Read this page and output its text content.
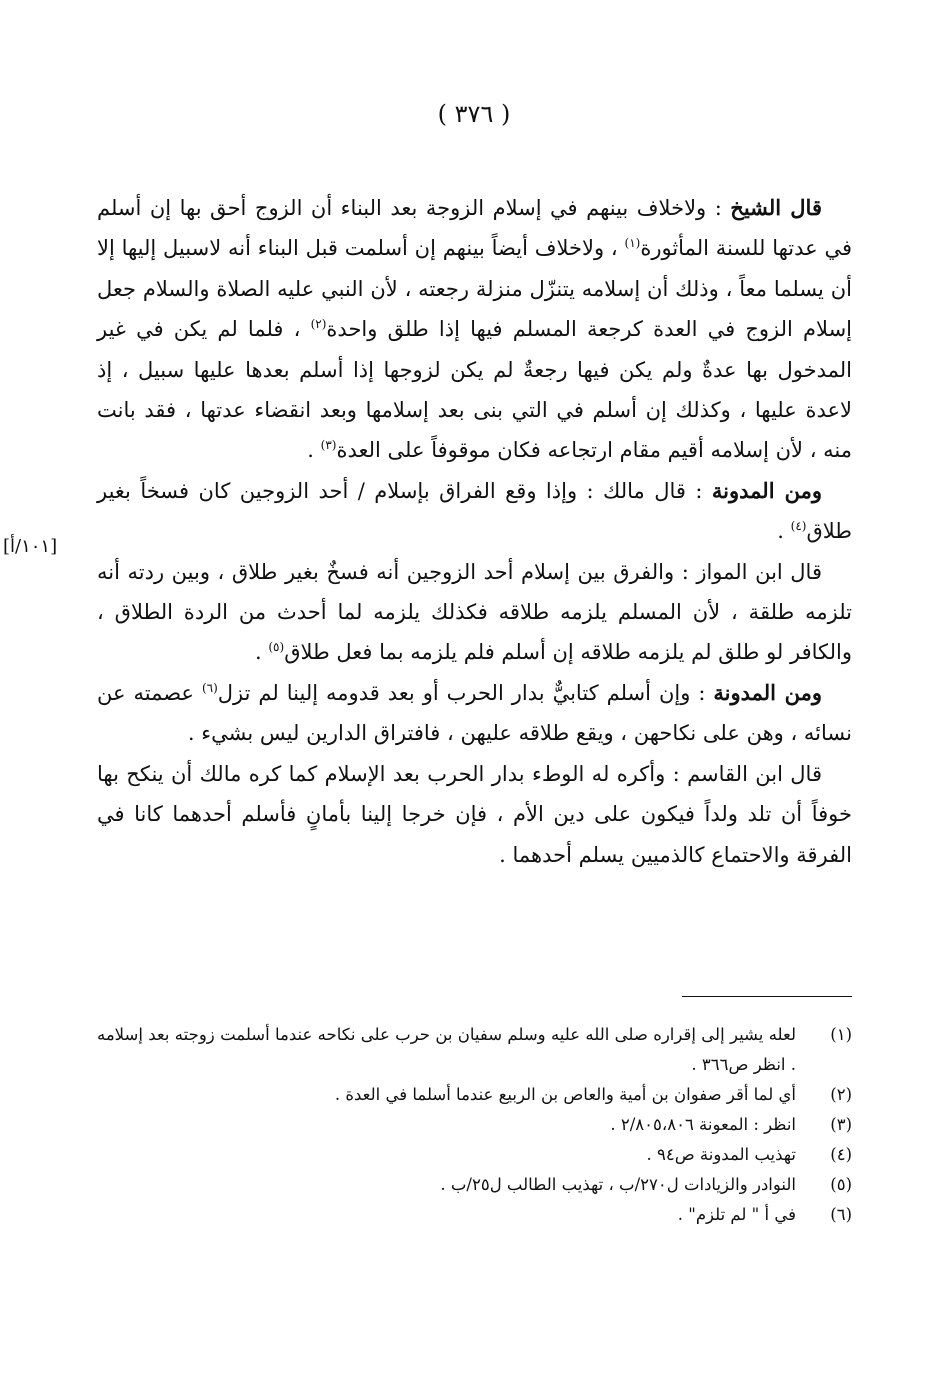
( ٣٧٦ )
[١٠١/أ]

قال الشيخ : ولاخلاف بينهم في إسلام الزوجة بعد البناء أن الزوج أحق بها إن أسلم في عدتها للسنة المأثورة$^{(١)}$ ، ولاخلاف أيضاً بينهم إن أسلمت قبل البناء أنه لاسبيل إليها إلا أن يسلما معاً ، وذلك أن إسلامه يتنزّل منزلة رجعته ، لأن النبي عليه الصلاة والسلام جعل إسلام الزوج في العدة كرجعة المسلم فيها إذا طلق واحدة$^{(٢)}$ ، فلما لم يكن في غير المدخول بها عدةٌ ولم يكن فيها رجعةٌ لم يكن لزوجها إذا أسلم بعدها عليها سبيل ، إذ لاعدة عليها ، وكذلك إن أسلم في التي بنى بعد إسلامها وبعد انقضاء عدتها ، فقد بانت منه ، لأن إسلامه أقيم مقام ارتجاعه فكان موقوفاً على العدة$^{(٣)}$ .

ومن المدونة : قال مالك : وإذا وقع الفراق بإسلام / أحد الزوجين كان فسخاً بغير طلاق$^{(٤)}$ .

قال ابن المواز : والفرق بين إسلام أحد الزوجين أنه فسخٌ بغير طلاق ، وبين ردته أنه تلزمه طلقة ، لأن المسلم يلزمه طلاقه فكذلك يلزمه لما أحدث من الردة الطلاق ، والكافر لو طلق لم يلزمه طلاقه إن أسلم فلم يلزمه بما فعل طلاق$^{(٥)}$ .

ومن المدونة : وإن أسلم كتابيٌّ بدار الحرب أو بعد قدومه إلينا لم تزل$^{(٦)}$ عصمته عن نسائه ، وهن على نكاحهن ، ويقع طلاقه عليهن ، فافتراق الدارين ليس بشيء .

قال ابن القاسم : وأكره له الوطء بدار الحرب بعد الإسلام كما كره مالك أن ينكح بها خوفاً أن تلد ولداً فيكون على دين الأم ، فإن خرجا إلينا بأمانٍ فأسلم أحدهما كانا في الفرقة والاحتماع كالذميين يسلم أحدهما .

(١)
لعله يشير إلى إقراره صلى الله عليه وسلم سفيان بن حرب على نكاحه عندما أسلمت زوجته بعد إسلامه . انظر ص٣٦٦ .
(٢)
أي لما أقر صفوان بن أمية والعاص بن الربيع عندما أسلما في العدة .
(٣)
انظر : المعونة ٢/٨٠٥،٨٠٦ .
(٤)
تهذيب المدونة ص٩٤ .
(٥)
النوادر والزيادات ل٢٧٠/ب ، تهذيب الطالب ل٢٥/ب .
(٦)
في أ " لم تلزم" .
